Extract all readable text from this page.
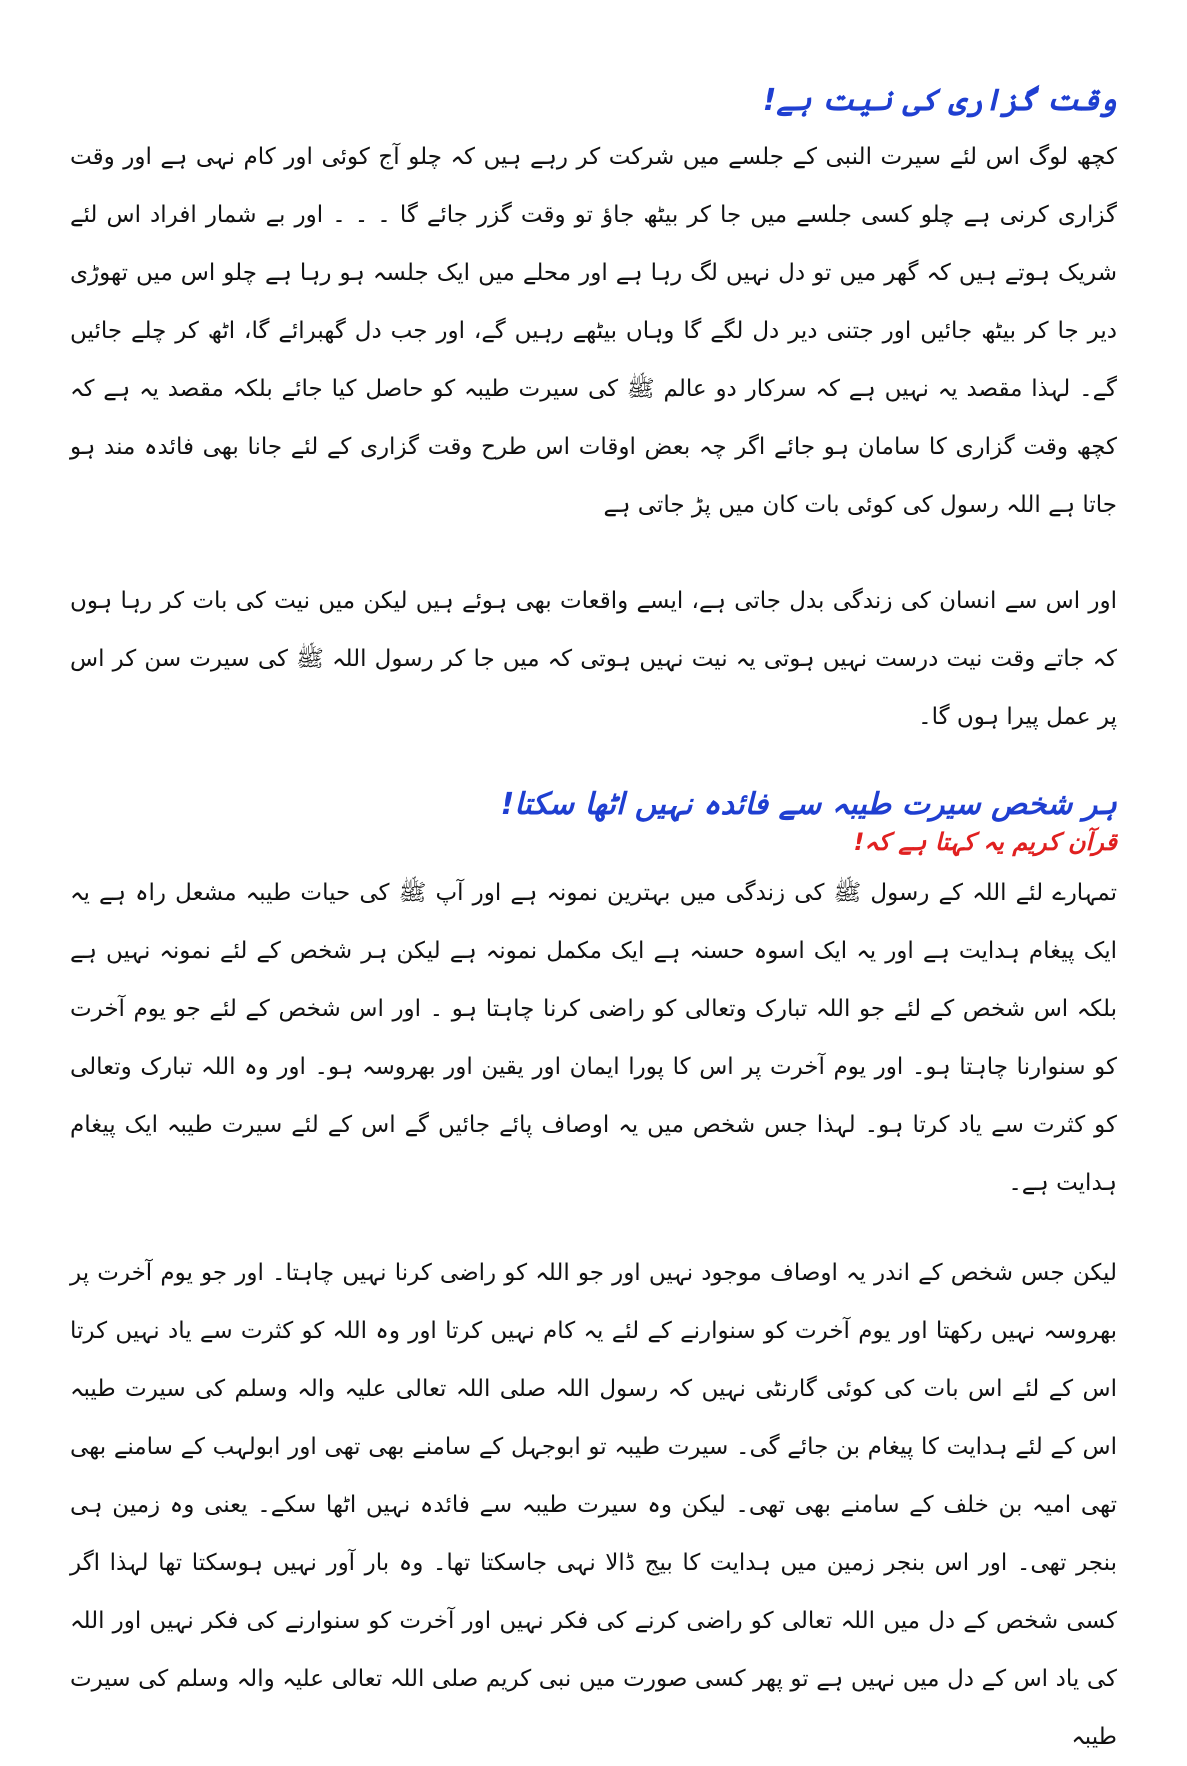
وقت گزاری کی نیت ہے!

کچھ لوگ اس لئے سیرت النبی کے جلسے میں شرکت کر رہے ہیں کہ چلو آج کوئی اور کام نہی ہے اور وقت گزاری کرنی ہے چلو کسی جلسے میں جا کر بیٹھ جاؤ تو وقت گزر جائے گا ۔ ۔ ۔ اور بے شمار افراد اس لئے شریک ہوتے ہیں کہ گھر میں تو دل نہیں لگ رہا ہے اور محلے میں ایک جلسہ ہو رہا ہے چلو اس میں تھوڑی دیر جا کر بیٹھ جائیں اور جتنی دیر دل لگے گا وہاں بیٹھے رہیں گے، اور جب دل گھبرائے گا، اٹھ کر چلے جائیں گے۔ لہذا مقصد یہ نہیں ہے کہ سرکار دو عالم ﷺ کی سیرت طیبہ کو حاصل کیا جائے بلکہ مقصد یہ ہے کہ کچھ وقت گزاری کا سامان ہو جائے اگر چہ بعض اوقات اس طرح وقت گزاری کے لئے جانا بھی فائدہ مند ہو جاتا ہے اللہ رسول کی کوئی بات کان میں پڑ جاتی ہے

اور اس سے انسان کی زندگی بدل جاتی ہے، ایسے واقعات بھی ہوئے ہیں لیکن میں نیت کی بات کر رہا ہوں کہ جاتے وقت نیت درست نہیں ہوتی یہ نیت نہیں ہوتی کہ میں جا کر رسول اللہ ﷺ کی سیرت سن کر اس پر عمل پیرا ہوں گا۔

ہر شخص سیرت طیبہ سے فائدہ نہیں اٹھا سکتا!
قرآن کریم یہ کہتا ہے کہ!

تمہارے لئے اللہ کے رسول ﷺ کی زندگی میں بہترین نمونہ ہے اور آپ ﷺ کی حیات طیبہ مشعل راہ ہے یہ ایک پیغام ہدایت ہے اور یہ ایک اسوہ حسنہ ہے ایک مکمل نمونہ ہے لیکن ہر شخص کے لئے نمونہ نہیں ہے بلکہ اس شخص کے لئے جو اللہ تبارک وتعالی کو راضی کرنا چاہتا ہو ۔ اور اس شخص کے لئے جو یوم آخرت کو سنوارنا چاہتا ہو۔ اور یوم آخرت پر اس کا پورا ایمان اور یقین اور بھروسہ ہو۔ اور وہ اللہ تبارک وتعالی کو کثرت سے یاد کرتا ہو۔ لہذا جس شخص میں یہ اوصاف پائے جائیں گے اس کے لئے سیرت طیبہ ایک پیغام ہدایت ہے۔

لیکن جس شخص کے اندر یہ اوصاف موجود نہیں اور جو اللہ کو راضی کرنا نہیں چاہتا۔ اور جو یوم آخرت پر بھروسہ نہیں رکھتا اور یوم آخرت کو سنوارنے کے لئے یہ کام نہیں کرتا اور وہ اللہ کو کثرت سے یاد نہیں کرتا اس کے لئے اس بات کی کوئی گارنٹی نہیں کہ رسول اللہ صلی اللہ تعالی علیہ والہ وسلم کی سیرت طیبہ اس کے لئے ہدایت کا پیغام بن جائے گی۔ سیرت طیبہ تو ابوجہل کے سامنے بھی تھی اور ابولہب کے سامنے بھی تھی امیہ بن خلف کے سامنے بھی تھی۔ لیکن وہ سیرت طیبہ سے فائدہ نہیں اٹھا سکے۔ یعنی وہ زمین ہی بنجر تھی۔ اور اس بنجر زمین میں ہدایت کا بیج ڈالا نہی جاسکتا تھا۔ وہ بار آور نہیں ہوسکتا تھا لہذا اگر کسی شخص کے دل میں اللہ تعالی کو راضی کرنے کی فکر نہیں اور آخرت کو سنوارنے کی فکر نہیں اور اللہ کی یاد اس کے دل میں نہیں ہے تو پھر کسی صورت میں نبی کریم صلی اللہ تعالی علیہ والہ وسلم کی سیرت طیبہ
